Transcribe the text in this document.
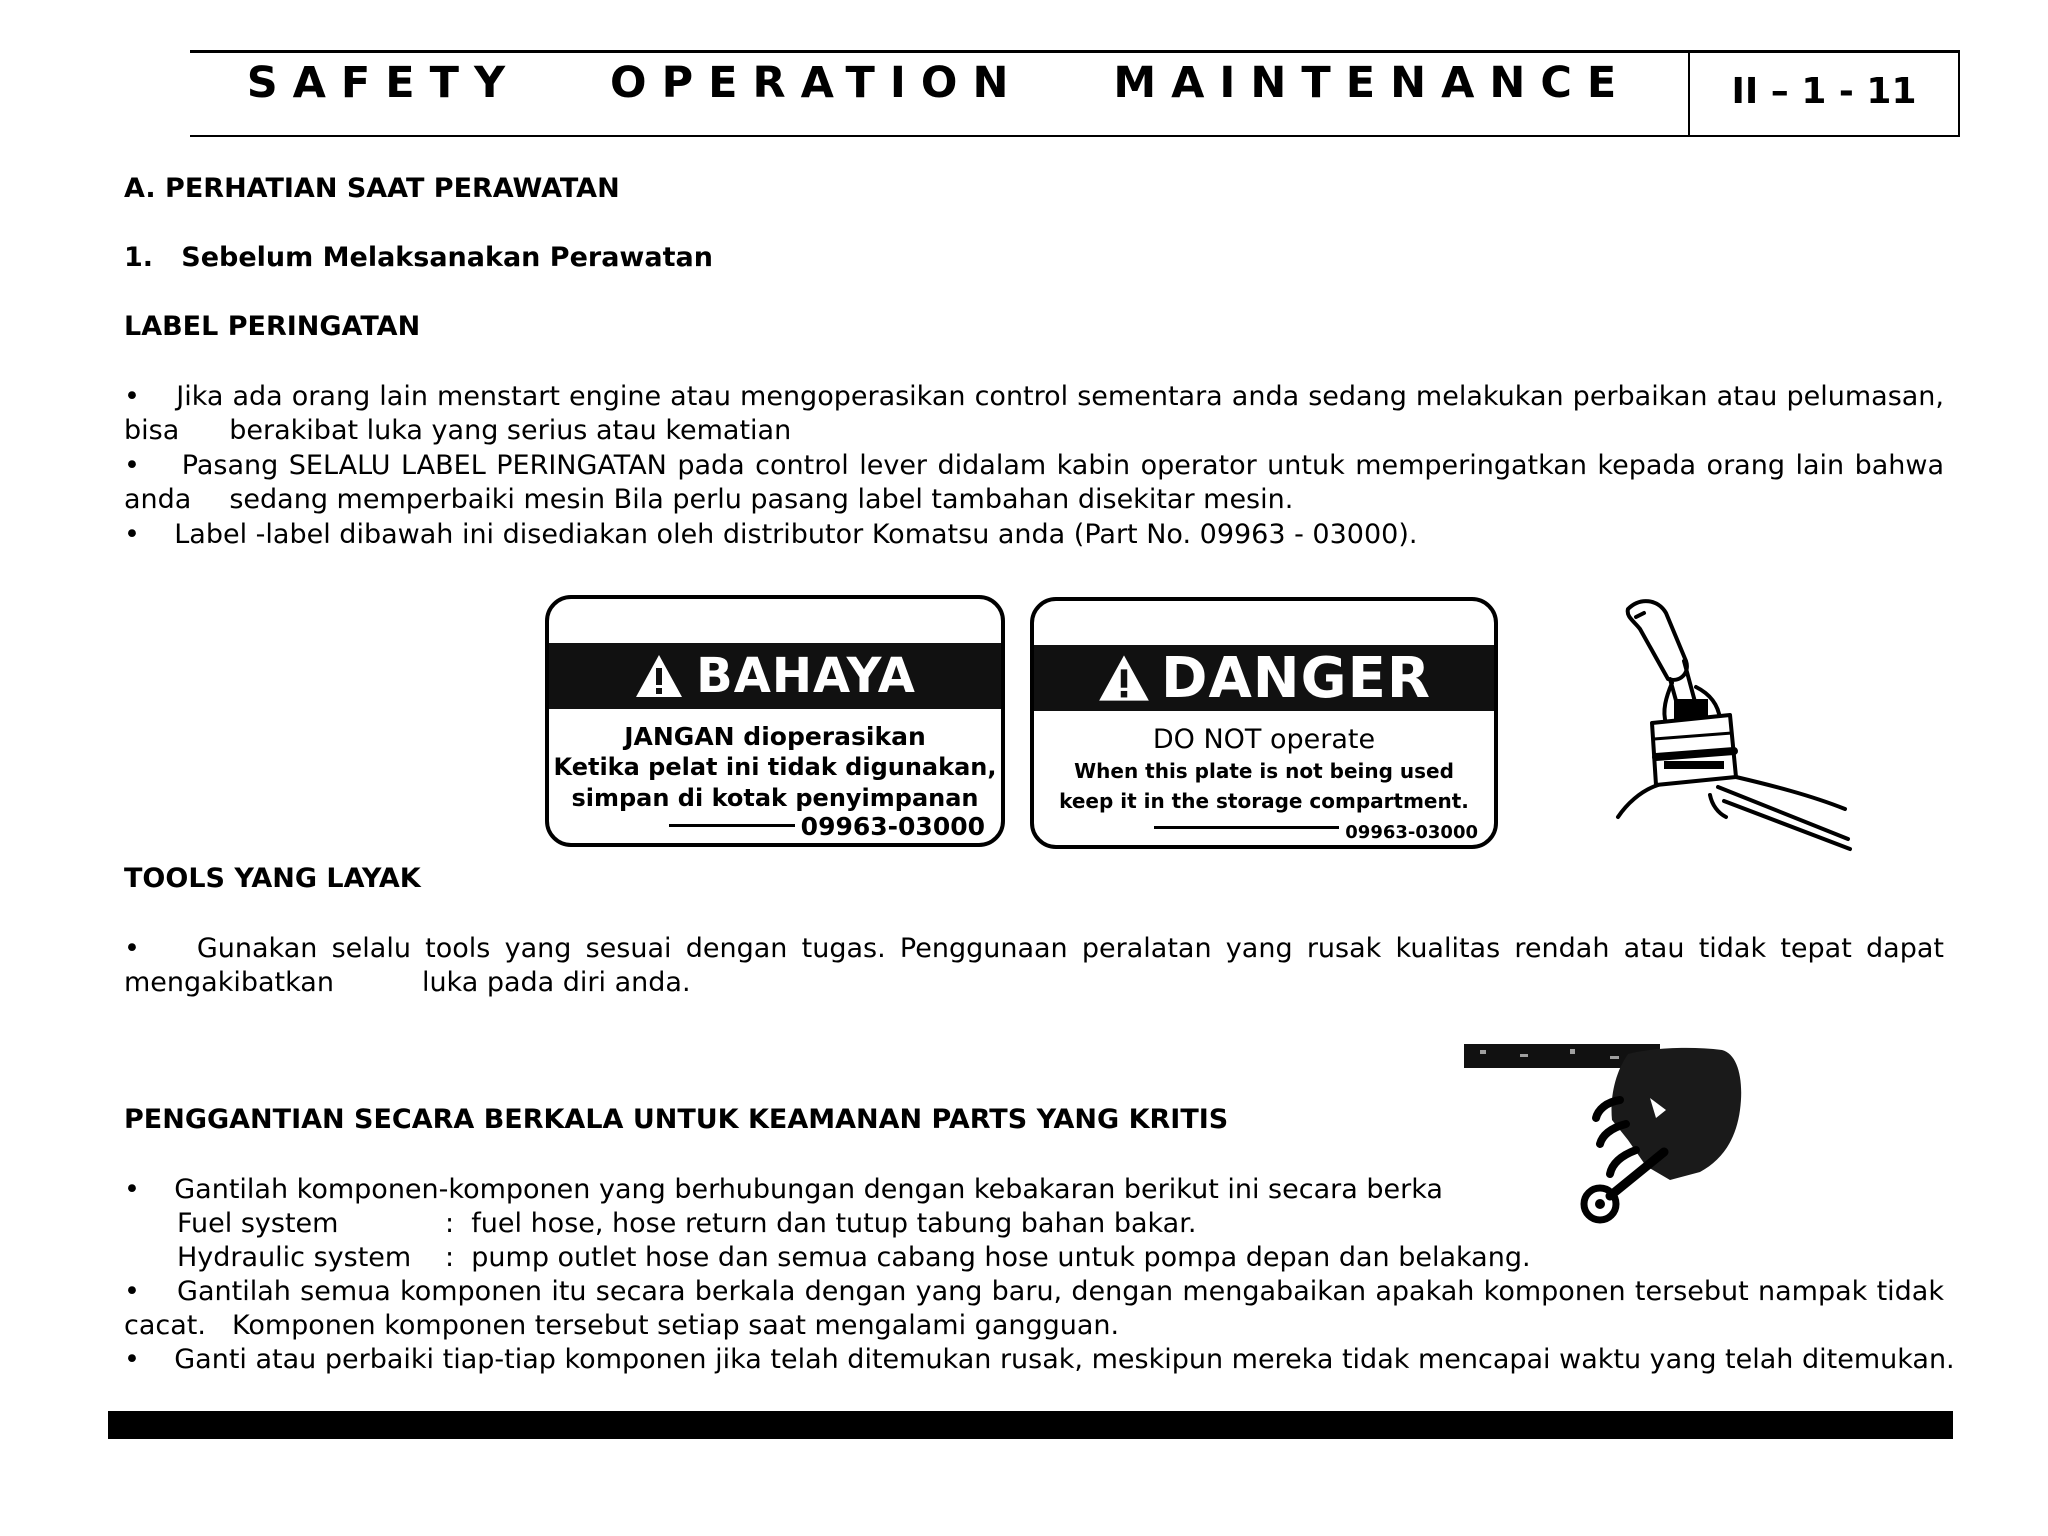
SAFETY   OPERATION   MAINTENANCE	II – 1 - 11
A. PERHATIAN SAAT PERAWATAN
1.   Sebelum Melaksanakan Perawatan
LABEL PERINGATAN
•    Jika ada orang lain menstart engine atau mengoperasikan control sementara anda sedang melakukan perbaikan atau pelumasan,
bisa berakibat luka yang serius atau kematian
•    Pasang SELALU LABEL PERINGATAN pada control lever didalam kabin operator untuk memperingatkan kepada orang lain bahwa
anda sedang memperbaiki mesin Bila perlu pasang label tambahan disekitar mesin.
•    Label -label dibawah ini disediakan oleh distributor Komatsu anda (Part No. 09963 - 03000).
BAHAYA
JANGAN dioperasikan
Ketika pelat ini tidak digunakan,
simpan di kotak penyimpanan
09963-03000
DANGER
DO NOT operate
When this plate is not being used
keep it in the storage compartment.
09963-03000
TOOLS YANG LAYAK
•    Gunakan selalu tools yang sesuai dengan tugas. Penggunaan peralatan yang rusak kualitas rendah atau tidak tepat dapat
mengakibatkan	luka pada diri anda.
PENGGANTIAN SECARA BERKALA UNTUK KEAMANAN PARTS YANG KRITIS
•    Gantilah komponen-komponen yang berhubungan dengan kebakaran berikut ini secara berka
Fuel system	:  fuel hose, hose return dan tutup tabung bahan bakar.
Hydraulic system :  pump outlet hose dan semua cabang hose untuk pompa depan dan belakang.
•    Gantilah semua komponen itu secara berkala dengan yang baru, dengan mengabaikan apakah komponen tersebut nampak tidak
cacat. Komponen komponen tersebut setiap saat mengalami gangguan.
•    Ganti atau perbaiki tiap-tiap komponen jika telah ditemukan rusak, meskipun mereka tidak mencapai waktu yang telah ditemukan.
